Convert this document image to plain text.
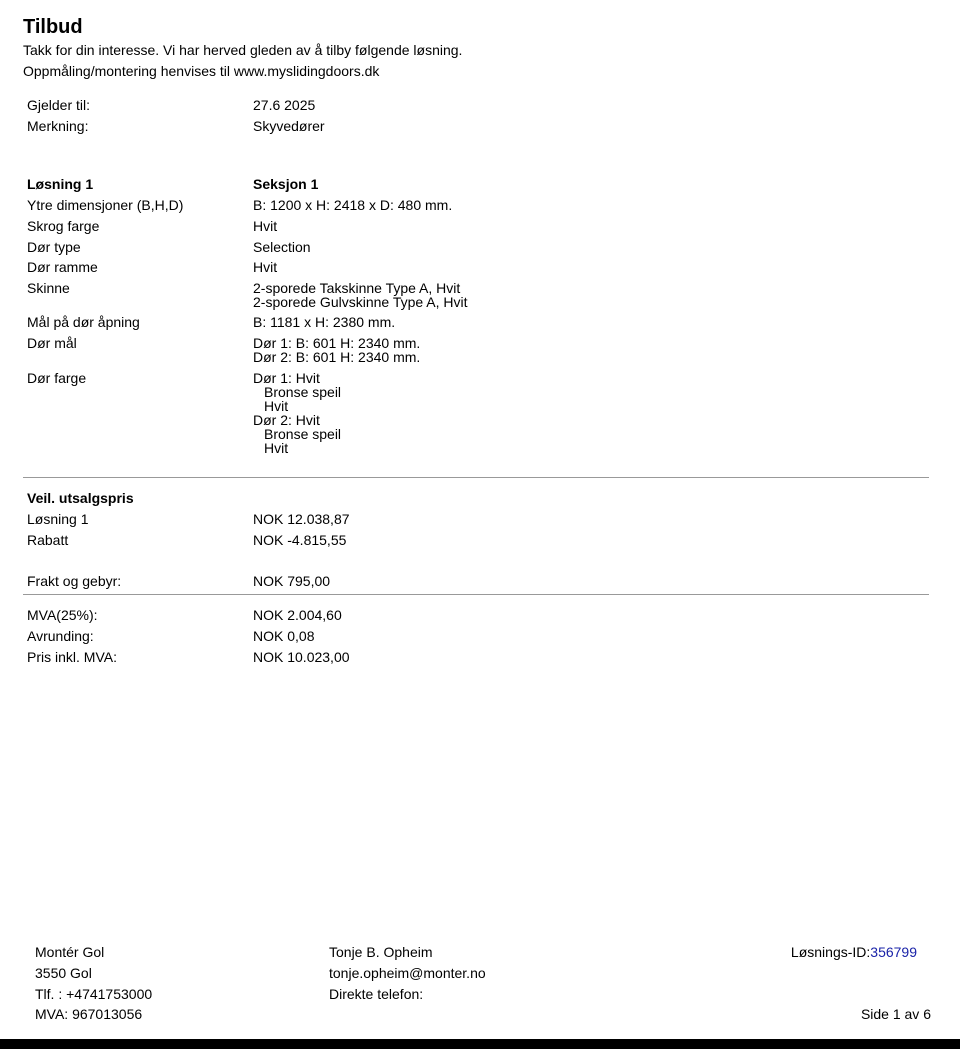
Tilbud
Takk for din interesse. Vi har herved gleden av å tilby følgende løsning.
Oppmåling/montering henvises til www.myslidingdoors.dk
Gjelder til:	27.6 2025
Merkning:	Skyvedører
Løsning 1	Seksjon 1
Ytre dimensjoner (B,H,D)	B: 1200 x H: 2418 x D: 480 mm.
Skrog farge	Hvit
Dør type	Selection
Dør ramme	Hvit
Skinne	2-sporede Takskinne Type A, Hvit
2-sporede Gulvskinne Type A, Hvit
Mål på dør åpning	B: 1181 x H: 2380 mm.
Dør mål	Dør 1: B: 601 H: 2340 mm.
Dør 2: B: 601 H: 2340 mm.
Dør farge	Dør 1: Hvit
Bronse speil
Hvit
Dør 2: Hvit
Bronse speil
Hvit
Veil. utsalgspris
Løsning 1	NOK 12.038,87
Rabatt	NOK -4.815,55
Frakt og gebyr:	NOK 795,00
MVA(25%):	NOK 2.004,60
Avrunding:	NOK 0,08
Pris inkl. MVA:	NOK 10.023,00
Montér Gol
3550 Gol
Tlf. : +4741753000
MVA: 967013056
Tonje B. Opheim
tonje.opheim@monter.no
Direkte telefon:
Løsnings-ID:356799
Side 1 av 6
